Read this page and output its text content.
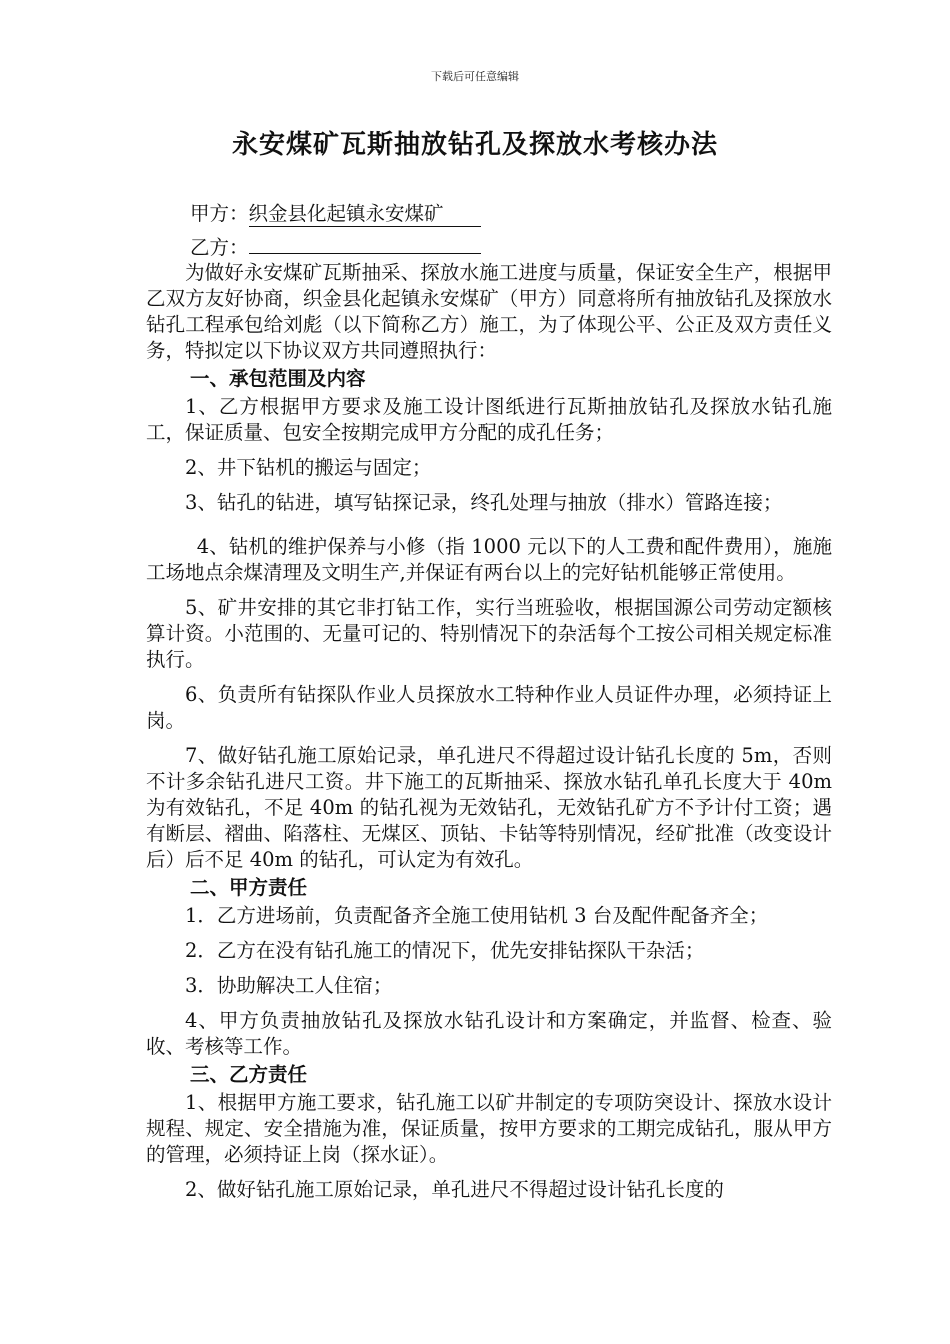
下载后可任意编辑
永安煤矿瓦斯抽放钻孔及探放水考核办法
甲方：织金县化起镇永安煤矿
乙方：

为做好永安煤矿瓦斯抽采、探放水施工进度与质量，保证安全生产，根据甲乙双方友好协商，织金县化起镇永安煤矿（甲方）同意将所有抽放钻孔及探放水钻孔工程承包给刘彪（以下简称乙方）施工，为了体现公平、公正及双方责任义务，特拟定以下协议双方共同遵照执行：

一、承包范围及内容

1、乙方根据甲方要求及施工设计图纸进行瓦斯抽放钻孔及探放水钻孔施工，保证质量、包安全按期完成甲方分配的成孔任务；

2、井下钻机的搬运与固定；

3、钻孔的钻进，填写钻探记录，终孔处理与抽放（排水）管路连接；

4、钻机的维护保养与小修（指 1000 元以下的人工费和配件费用），施施工场地点余煤清理及文明生产,并保证有两台以上的完好钻机能够正常使用。

5、矿井安排的其它非打钻工作，实行当班验收，根据国源公司劳动定额核算计资。小范围的、无量可记的、特别情况下的杂活每个工按公司相关规定标准执行。

6、负责所有钻探队作业人员探放水工特种作业人员证件办理，必须持证上岗。

7、做好钻孔施工原始记录，单孔进尺不得超过设计钻孔长度的 5m，否则不计多余钻孔进尺工资。井下施工的瓦斯抽采、探放水钻孔单孔长度大于 40m 为有效钻孔，不足 40m 的钻孔视为无效钻孔，无效钻孔矿方不予计付工资；遇有断层、褶曲、陷落柱、无煤区、顶钻、卡钻等特别情况，经矿批准（改变设计后）后不足 40m 的钻孔，可认定为有效孔。

二、甲方责任

1．乙方进场前，负责配备齐全施工使用钻机 3 台及配件配备齐全；

2．乙方在没有钻孔施工的情况下，优先安排钻探队干杂活；

3．协助解决工人住宿；

4、甲方负责抽放钻孔及探放水钻孔设计和方案确定，并监督、检查、验收、考核等工作。

三、乙方责任

1、根据甲方施工要求，钻孔施工以矿井制定的专项防突设计、探放水设计规程、规定、安全措施为准，保证质量，按甲方要求的工期完成钻孔，服从甲方的管理，必须持证上岗（探水证）。

2、做好钻孔施工原始记录，单孔进尺不得超过设计钻孔长度的
